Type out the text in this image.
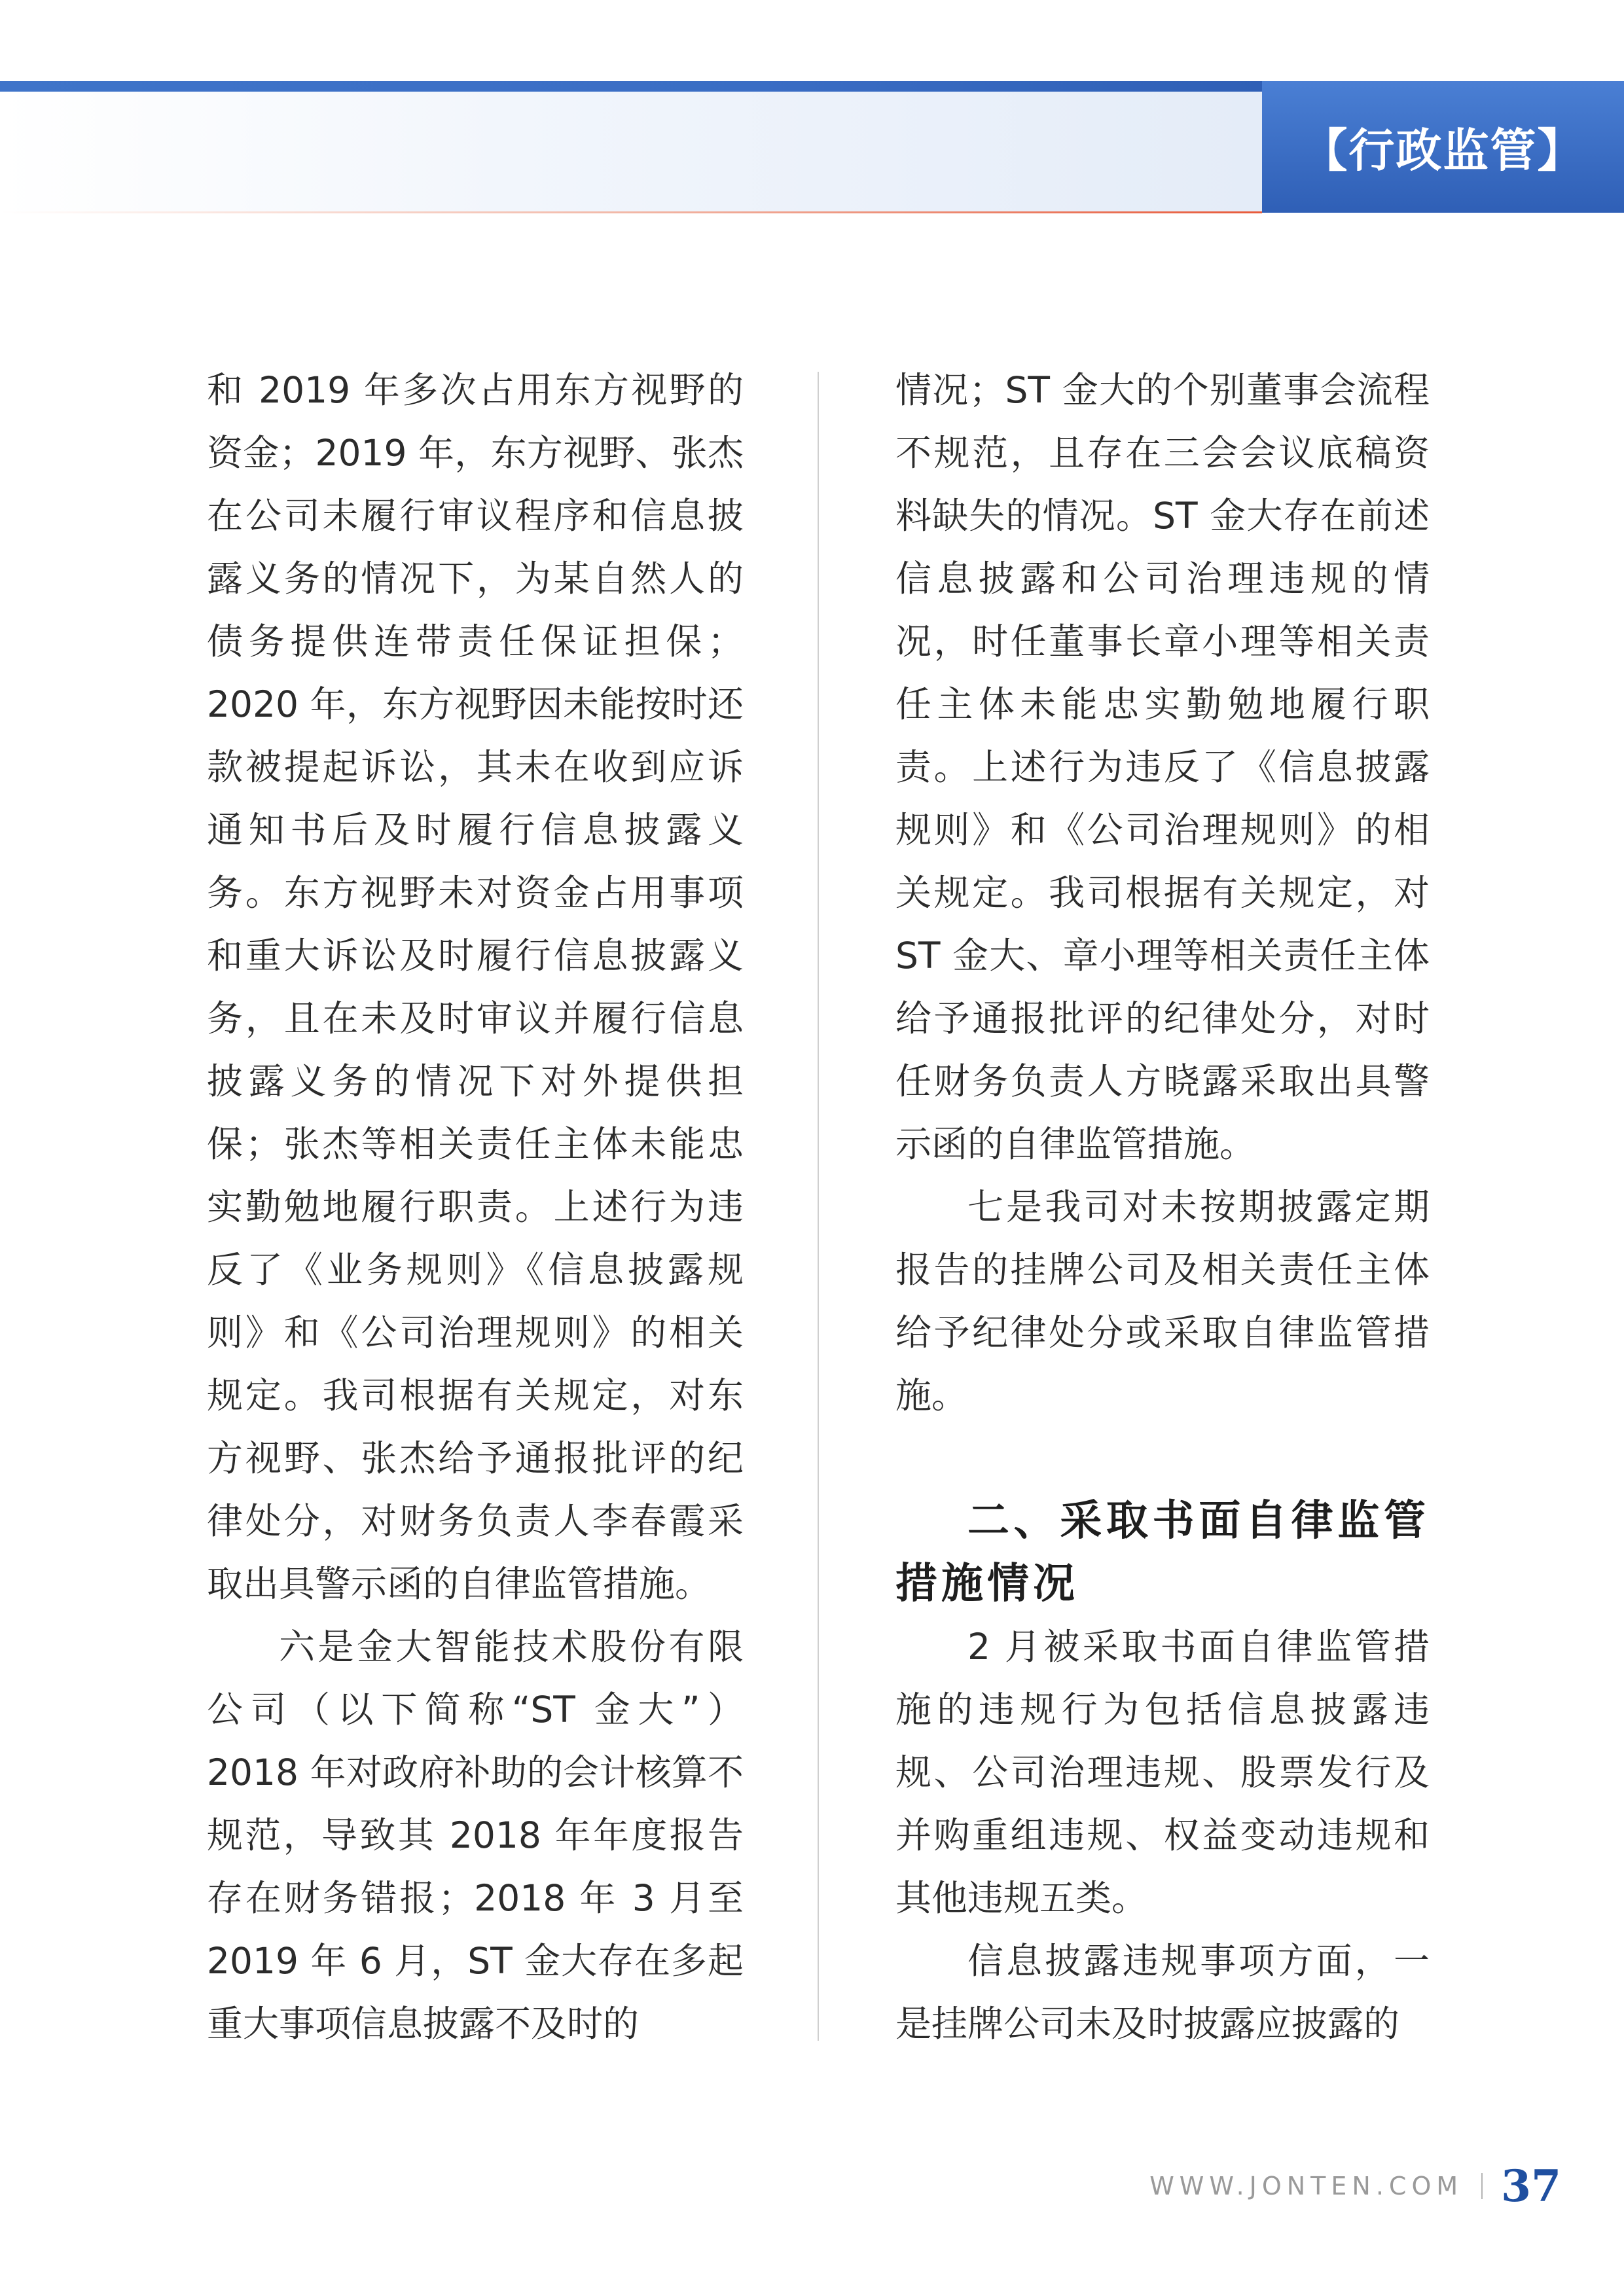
【行政监管】

和 2019 年多次占用东方视野的资金；2019 年，东方视野、张杰在公司未履行审议程序和信息披露义务的情况下，为某自然人的债务提供连带责任保证担保；2020 年，东方视野因未能按时还款被提起诉讼，其未在收到应诉通知书后及时履行信息披露义务。东方视野未对资金占用事项和重大诉讼及时履行信息披露义务，且在未及时审议并履行信息披露义务的情况下对外提供担保；张杰等相关责任主体未能忠实勤勉地履行职责。上述行为违反了《业务规则》《信息披露规则》和《公司治理规则》的相关规定。我司根据有关规定，对东方视野、张杰给予通报批评的纪律处分，对财务负责人李春霞采取出具警示函的自律监管措施。

六是金大智能技术股份有限公司（以下简称“ST 金大”）2018 年对政府补助的会计核算不规范，导致其 2018 年年度报告存在财务错报；2018 年 3 月至 2019 年 6 月，ST 金大存在多起重大事项信息披露不及时的

情况；ST 金大的个别董事会流程不规范，且存在三会会议底稿资料缺失的情况。ST 金大存在前述信息披露和公司治理违规的情况，时任董事长章小理等相关责任主体未能忠实勤勉地履行职责。上述行为违反了《信息披露规则》和《公司治理规则》的相关规定。我司根据有关规定，对 ST 金大、章小理等相关责任主体给予通报批评的纪律处分，对时任财务负责人方晓露采取出具警示函的自律监管措施。

七是我司对未按期披露定期报告的挂牌公司及相关责任主体给予纪律处分或采取自律监管措施。

二、采取书面自律监管措施情况

2 月被采取书面自律监管措施的违规行为包括信息披露违规、公司治理违规、股票发行及并购重组违规、权益变动违规和其他违规五类。

信息披露违规事项方面，一是挂牌公司未及时披露应披露的

WWW.JONTEN.COM 37
